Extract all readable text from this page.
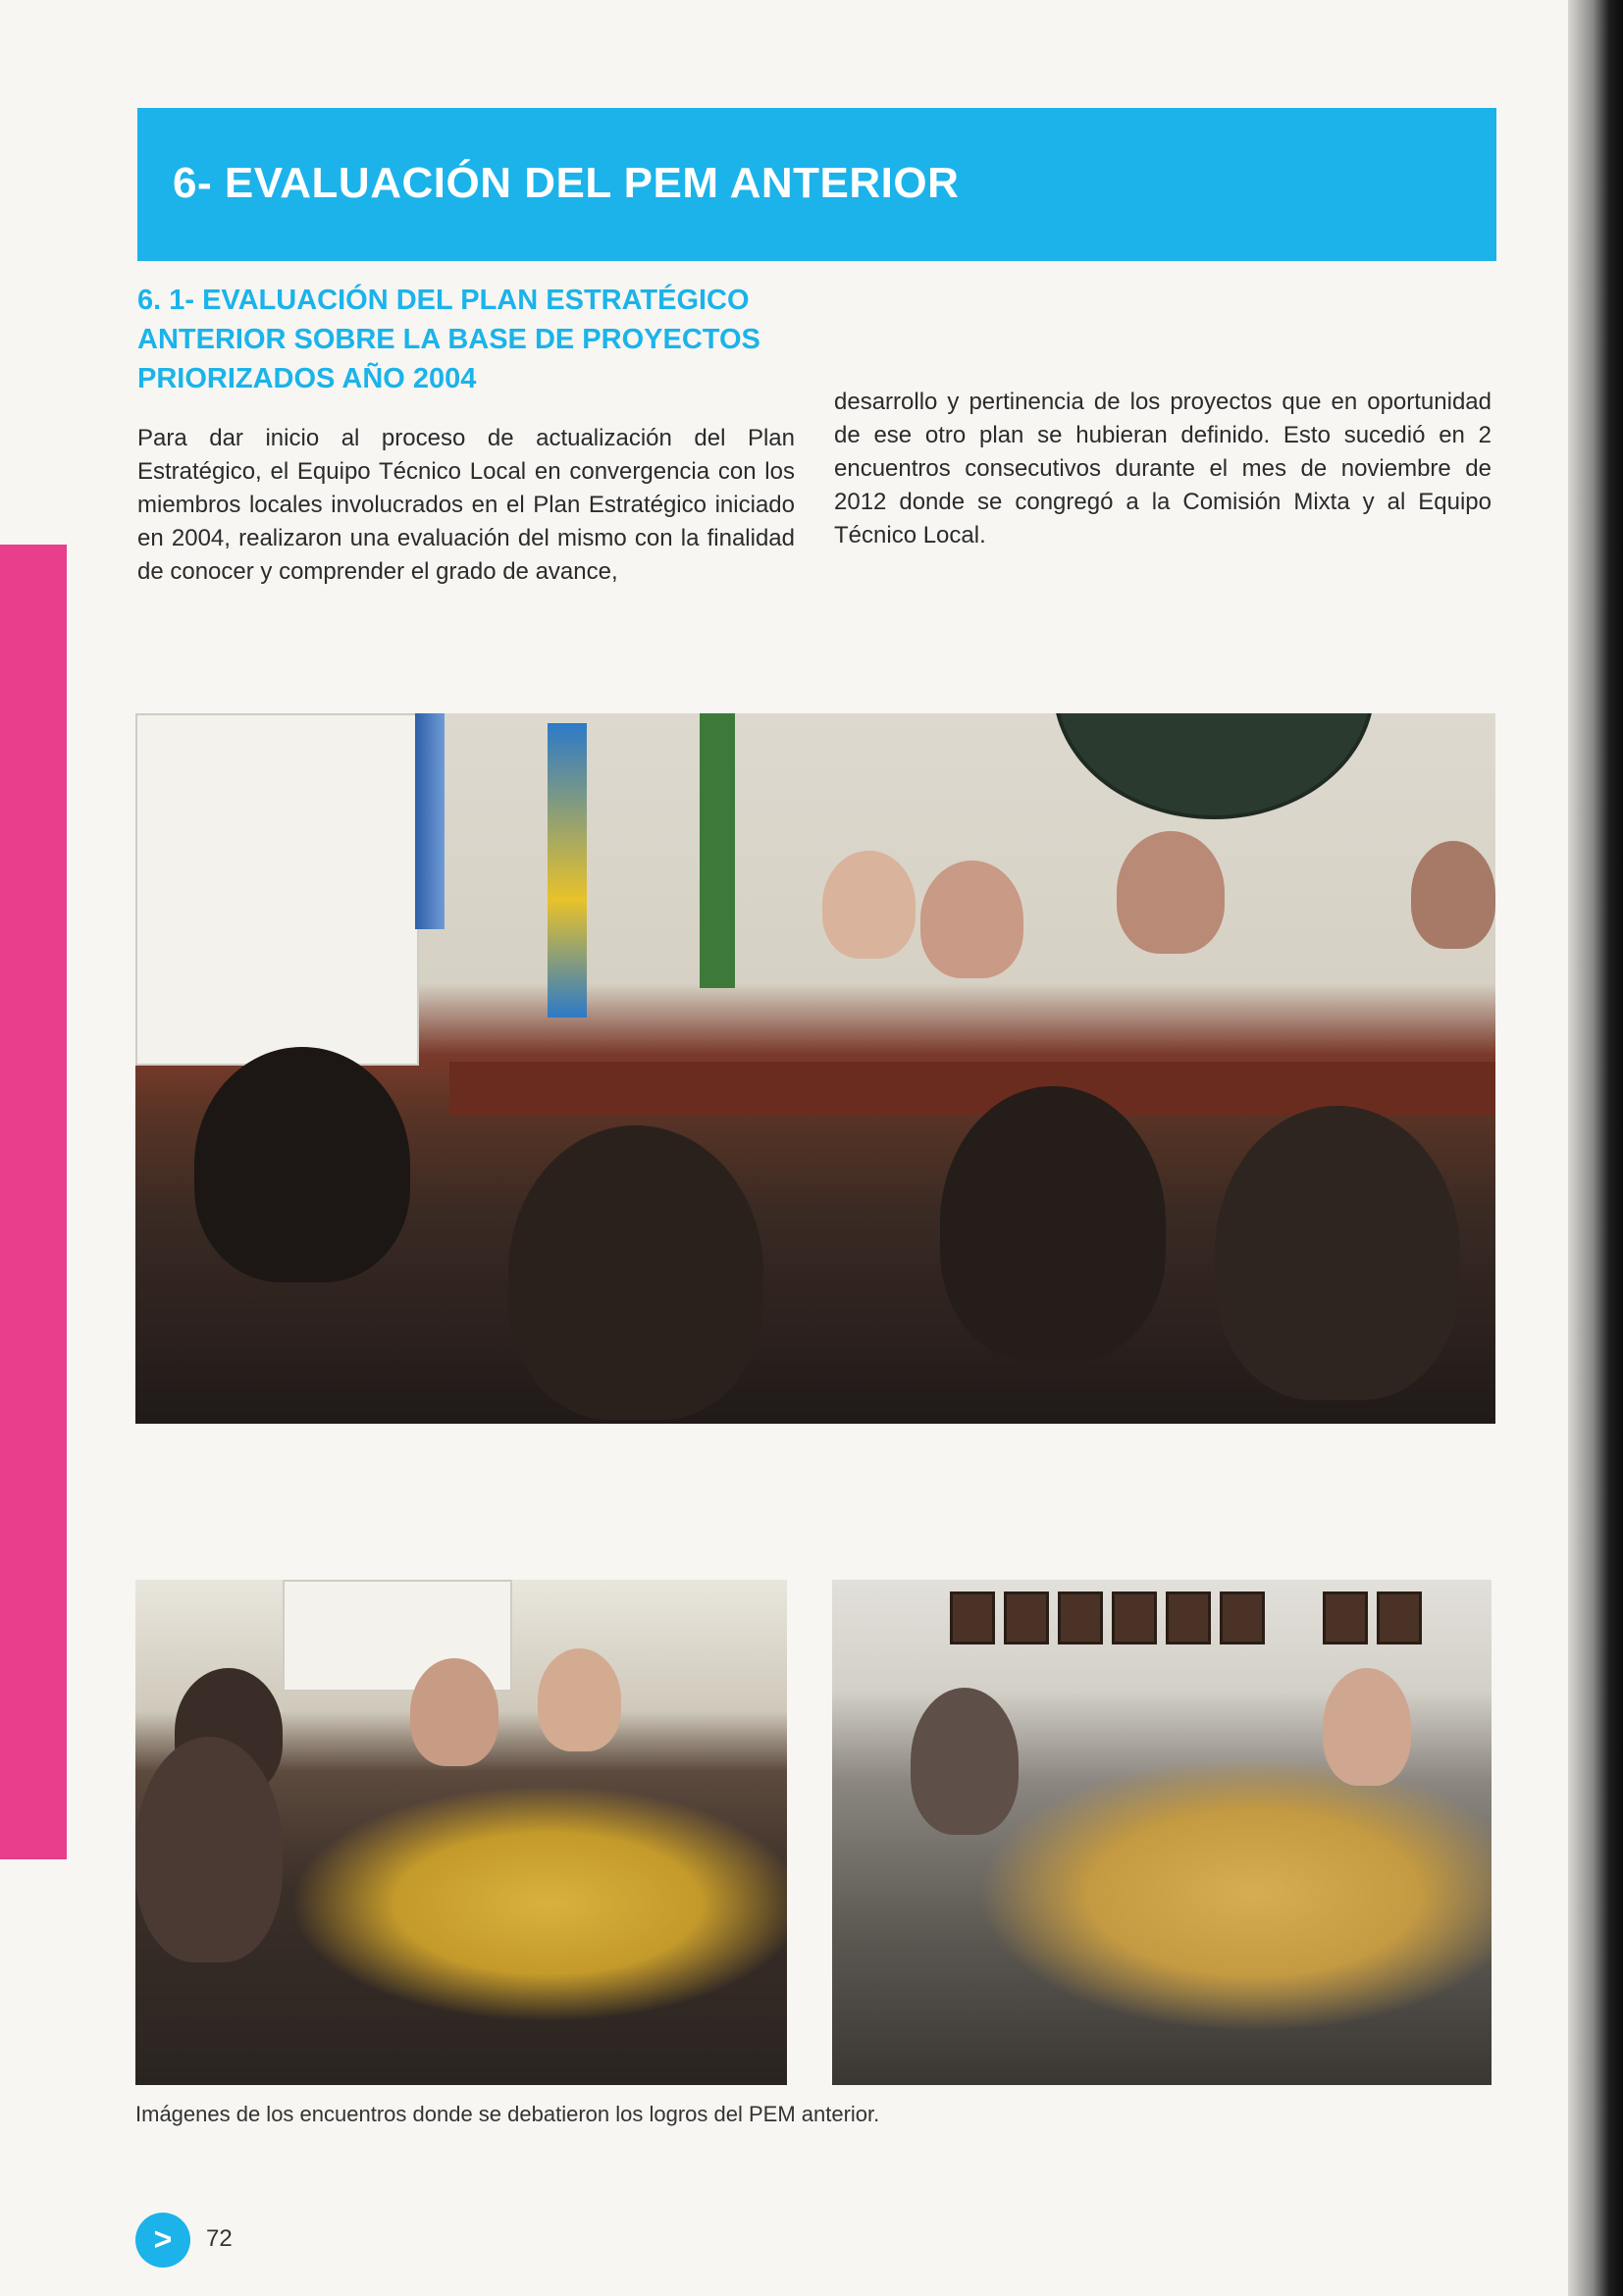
6- EVALUACIÓN DEL PEM ANTERIOR
6. 1- EVALUACIÓN DEL PLAN ESTRATÉGICO ANTERIOR SOBRE LA BASE DE PROYECTOS PRIORIZADOS AÑO 2004
Para dar inicio al proceso de actualización del Plan Estratégico, el Equipo Técnico Local en convergencia con los miembros locales involucrados en el Plan Estratégico iniciado en 2004, realizaron una evaluación del mismo con la finalidad de conocer y comprender el grado de avance,
desarrollo y pertinencia de los proyectos que en oportunidad de ese otro plan se hubieran definido. Esto sucedió en 2 encuentros consecutivos durante el mes de noviembre de 2012 donde se congregó a la Comisión Mixta y al Equipo Técnico Local.
Imágenes de los encuentros donde se debatieron los logros del PEM anterior.
>	72
